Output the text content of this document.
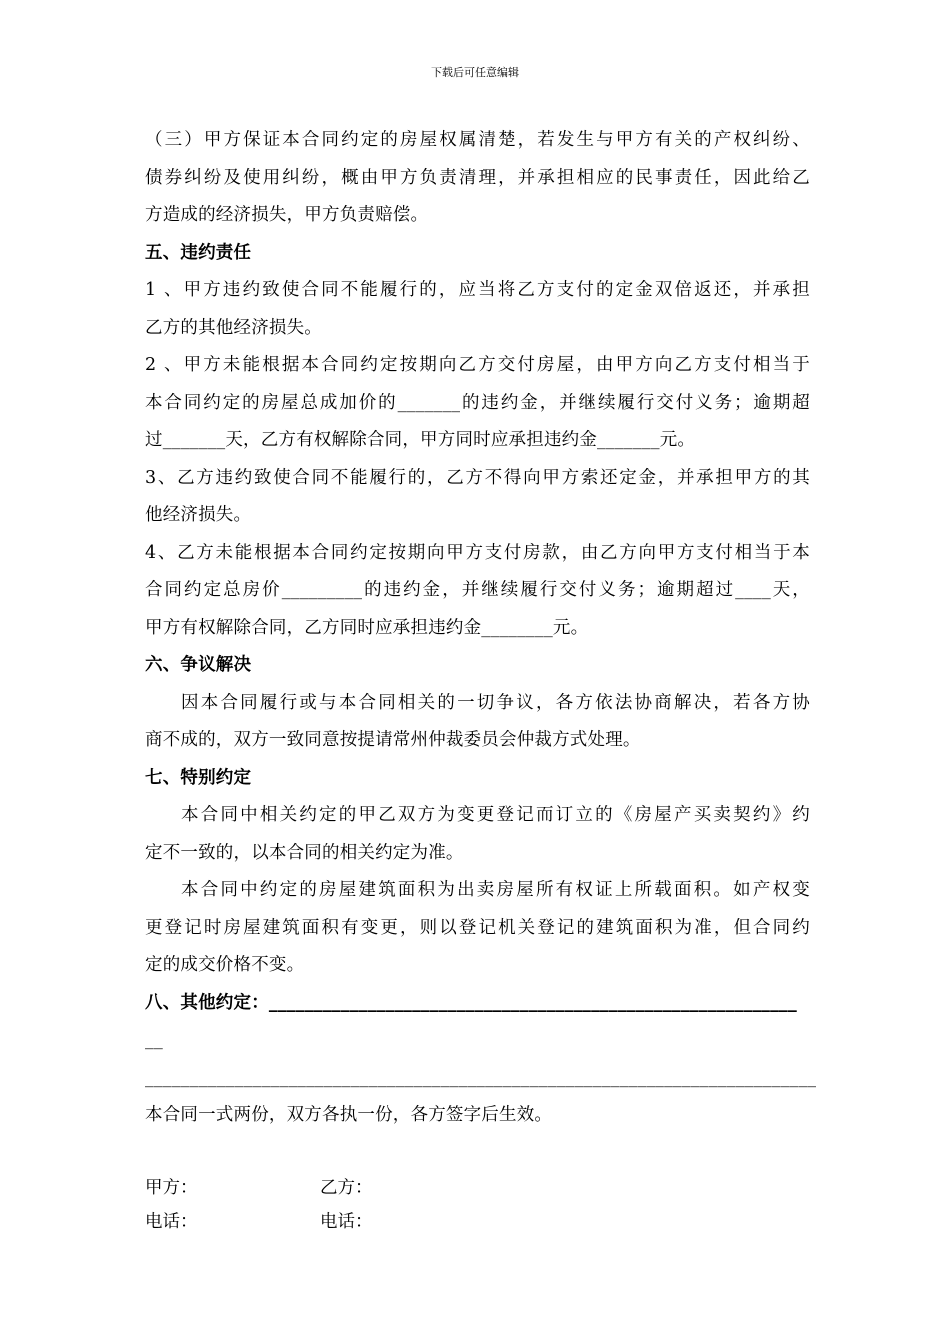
下载后可任意编辑
（三）甲方保证本合同约定的房屋权属清楚，若发生与甲方有关的产权纠纷、
债券纠纷及使用纠纷，概由甲方负责清理，并承担相应的民事责任，因此给乙
方造成的经济损失，甲方负责赔偿。
五、违约责任
1 、甲方违约致使合同不能履行的，应当将乙方支付的定金双倍返还，并承担
乙方的其他经济损失。
2 、甲方未能根据本合同约定按期向乙方交付房屋，由甲方向乙方支付相当于
本合同约定的房屋总成加价的_______的违约金，并继续履行交付义务；逾期超
过_______天，乙方有权解除合同，甲方同时应承担违约金_______元。
3、乙方违约致使合同不能履行的，乙方不得向甲方索还定金，并承担甲方的其
他经济损失。
4、乙方未能根据本合同约定按期向甲方支付房款，由乙方向甲方支付相当于本
合同约定总房价_________的违约金，并继续履行交付义务；逾期超过____天，
甲方有权解除合同，乙方同时应承担违约金________元。
六、争议解决
因本合同履行或与本合同相关的一切争议，各方依法协商解决，若各方协
商不成的，双方一致同意按提请常州仲裁委员会仲裁方式处理。
七、特别约定
本合同中相关约定的甲乙双方为变更登记而订立的《房屋产买卖契约》约
定不一致的，以本合同的相关约定为准。
本合同中约定的房屋建筑面积为出卖房屋所有权证上所载面积。如产权变
更登记时房屋建筑面积有变更，则以登记机关登记的建筑面积为准，但合同约
定的成交价格不变。
八、其他约定：___________________________________________________________
__
___________________________________________________________________________
本合同一式两份，双方各执一份，各方签字后生效。
甲方：	乙方：
电话：	电话：
